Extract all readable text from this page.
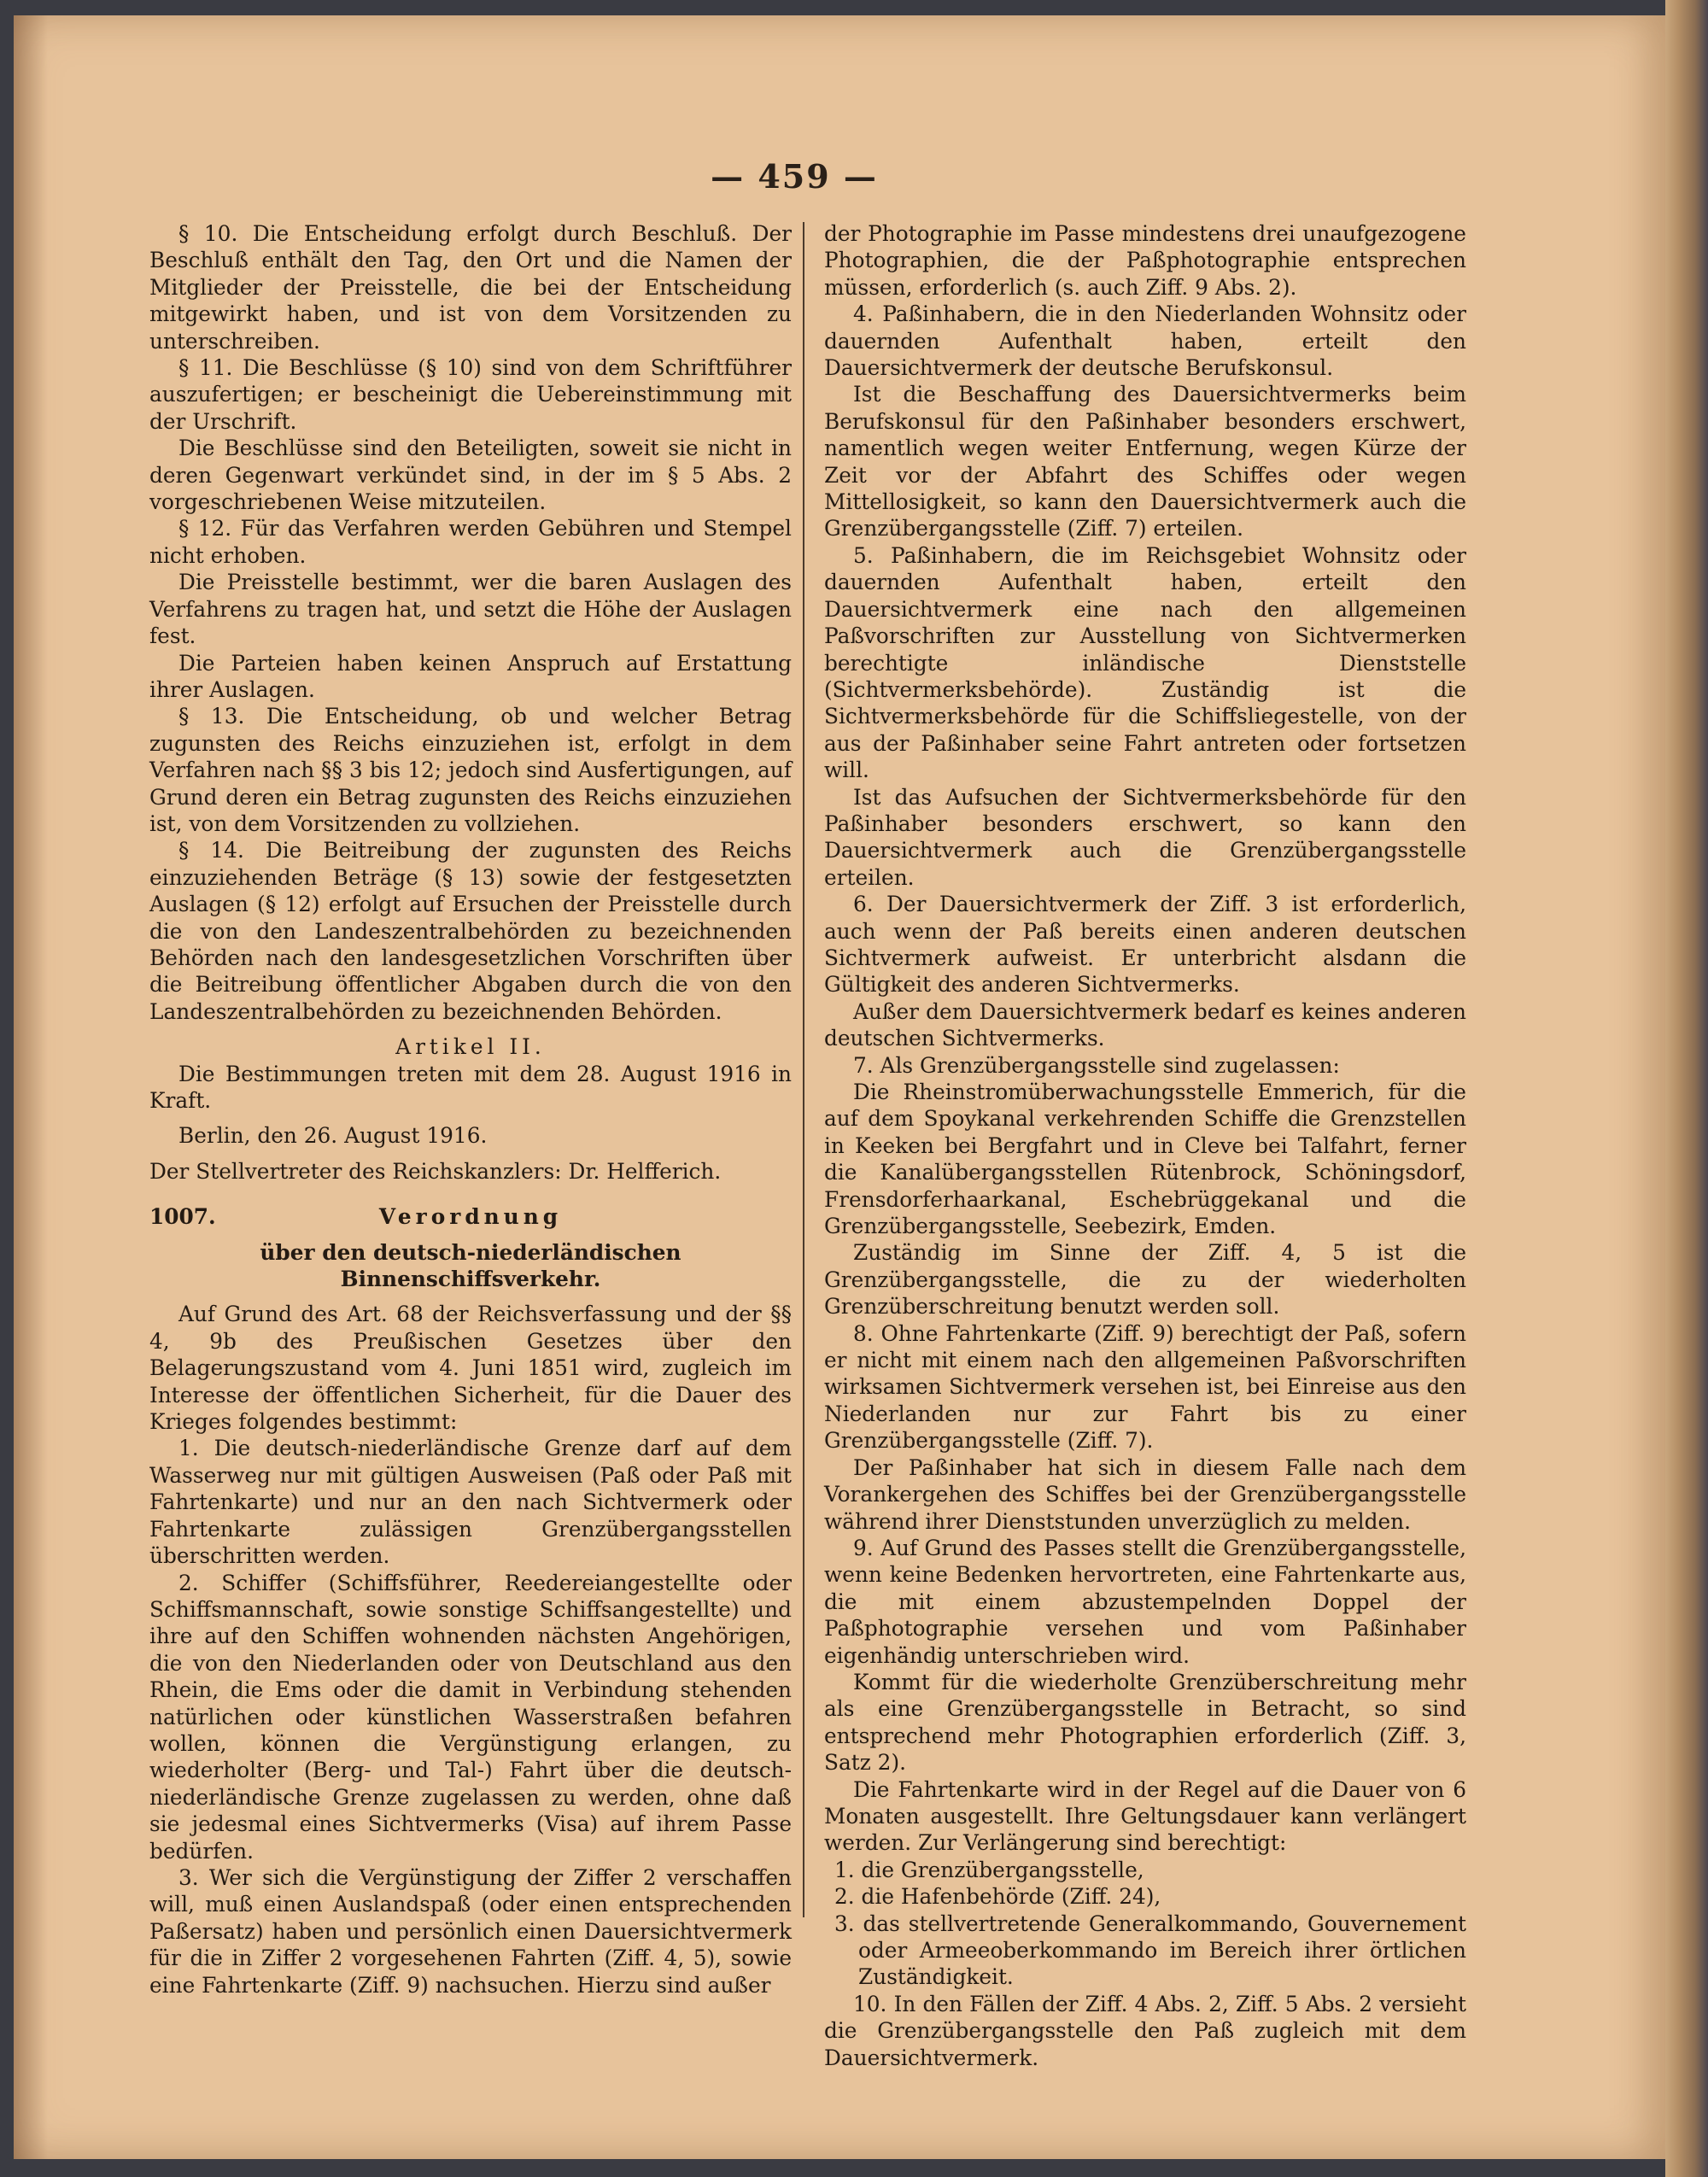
— 459 —

§ 10. Die Entscheidung erfolgt durch Beschluß. Der Beschluß enthält den Tag, den Ort und die Namen der Mitglieder der Preisstelle, die bei der Entscheidung mitgewirkt haben, und ist von dem Vorsitzenden zu unterschreiben.

§ 11. Die Beschlüsse (§ 10) sind von dem Schriftführer auszufertigen; er bescheinigt die Uebereinstimmung mit der Urschrift.

Die Beschlüsse sind den Beteiligten, soweit sie nicht in deren Gegenwart verkündet sind, in der im § 5 Abs. 2 vorgeschriebenen Weise mitzuteilen.

§ 12. Für das Verfahren werden Gebühren und Stempel nicht erhoben.

Die Preisstelle bestimmt, wer die baren Auslagen des Verfahrens zu tragen hat, und setzt die Höhe der Auslagen fest.

Die Parteien haben keinen Anspruch auf Erstattung ihrer Auslagen.

§ 13. Die Entscheidung, ob und welcher Betrag zugunsten des Reichs einzuziehen ist, erfolgt in dem Verfahren nach §§ 3 bis 12; jedoch sind Ausfertigungen, auf Grund deren ein Betrag zugunsten des Reichs einzuziehen ist, von dem Vorsitzenden zu vollziehen.

§ 14. Die Beitreibung der zugunsten des Reichs einzuziehenden Beträge (§ 13) sowie der festgesetzten Auslagen (§ 12) erfolgt auf Ersuchen der Preisstelle durch die von den Landeszentralbehörden zu bezeichnenden Behörden nach den landesgesetzlichen Vorschriften über die Beitreibung öffentlicher Abgaben durch die von den Landeszentralbehörden zu bezeichnenden Behörden.

Artikel II.

Die Bestimmungen treten mit dem 28. August 1916 in Kraft.

Berlin, den 26. August 1916.

Der Stellvertreter des Reichskanzlers: Dr. Helfferich.

1007.	Verordnung

über den deutsch-niederländischen Binnenschiffsverkehr.

Auf Grund des Art. 68 der Reichsverfassung und der §§ 4, 9b des Preußischen Gesetzes über den Belagerungszustand vom 4. Juni 1851 wird, zugleich im Interesse der öffentlichen Sicherheit, für die Dauer des Krieges folgendes bestimmt:

1. Die deutsch-niederländische Grenze darf auf dem Wasserweg nur mit gültigen Ausweisen (Paß oder Paß mit Fahrtenkarte) und nur an den nach Sichtvermerk oder Fahrtenkarte zulässigen Grenzübergangsstellen überschritten werden.

2. Schiffer (Schiffsführer, Reedereiangestellte oder Schiffsmannschaft, sowie sonstige Schiffsangestellte) und ihre auf den Schiffen wohnenden nächsten Angehörigen, die von den Niederlanden oder von Deutschland aus den Rhein, die Ems oder die damit in Verbindung stehenden natürlichen oder künstlichen Wasserstraßen befahren wollen, können die Vergünstigung erlangen, zu wiederholter (Berg- und Tal-) Fahrt über die deutsch-niederländische Grenze zugelassen zu werden, ohne daß sie jedesmal eines Sichtvermerks (Visa) auf ihrem Passe bedürfen.

3. Wer sich die Vergünstigung der Ziffer 2 verschaffen will, muß einen Auslandspaß (oder einen entsprechenden Paßersatz) haben und persönlich einen Dauersichtvermerk für die in Ziffer 2 vorgesehenen Fahrten (Ziff. 4, 5), sowie eine Fahrtenkarte (Ziff. 9) nachsuchen. Hierzu sind außer

der Photographie im Passe mindestens drei unaufgezogene Photographien, die der Paßphotographie entsprechen müssen, erforderlich (s. auch Ziff. 9 Abs. 2).

4. Paßinhabern, die in den Niederlanden Wohnsitz oder dauernden Aufenthalt haben, erteilt den Dauersichtvermerk der deutsche Berufskonsul.

Ist die Beschaffung des Dauersichtvermerks beim Berufskonsul für den Paßinhaber besonders erschwert, namentlich wegen weiter Entfernung, wegen Kürze der Zeit vor der Abfahrt des Schiffes oder wegen Mittellosigkeit, so kann den Dauersichtvermerk auch die Grenzübergangsstelle (Ziff. 7) erteilen.

5. Paßinhabern, die im Reichsgebiet Wohnsitz oder dauernden Aufenthalt haben, erteilt den Dauersichtvermerk eine nach den allgemeinen Paßvorschriften zur Ausstellung von Sichtvermerken berechtigte inländische Dienststelle (Sichtvermerksbehörde). Zuständig ist die Sichtvermerksbehörde für die Schiffsliegestelle, von der aus der Paßinhaber seine Fahrt antreten oder fortsetzen will.

Ist das Aufsuchen der Sichtvermerksbehörde für den Paßinhaber besonders erschwert, so kann den Dauersichtvermerk auch die Grenzübergangsstelle erteilen.

6. Der Dauersichtvermerk der Ziff. 3 ist erforderlich, auch wenn der Paß bereits einen anderen deutschen Sichtvermerk aufweist. Er unterbricht alsdann die Gültigkeit des anderen Sichtvermerks.

Außer dem Dauersichtvermerk bedarf es keines anderen deutschen Sichtvermerks.

7. Als Grenzübergangsstelle sind zugelassen:

Die Rheinstromüberwachungsstelle Emmerich, für die auf dem Spoykanal verkehrenden Schiffe die Grenzstellen in Keeken bei Bergfahrt und in Cleve bei Talfahrt, ferner die Kanalübergangsstellen Rütenbrock, Schöningsdorf, Frensdorferhaarkanal, Eschebrüggekanal und die Grenzübergangsstelle, Seebezirk, Emden.

Zuständig im Sinne der Ziff. 4, 5 ist die Grenzübergangsstelle, die zu der wiederholten Grenzüberschreitung benutzt werden soll.

8. Ohne Fahrtenkarte (Ziff. 9) berechtigt der Paß, sofern er nicht mit einem nach den allgemeinen Paßvorschriften wirksamen Sichtvermerk versehen ist, bei Einreise aus den Niederlanden nur zur Fahrt bis zu einer Grenzübergangsstelle (Ziff. 7).

Der Paßinhaber hat sich in diesem Falle nach dem Vorankergehen des Schiffes bei der Grenzübergangsstelle während ihrer Dienststunden unverzüglich zu melden.

9. Auf Grund des Passes stellt die Grenzübergangsstelle, wenn keine Bedenken hervortreten, eine Fahrtenkarte aus, die mit einem abzustempelnden Doppel der Paßphotographie versehen und vom Paßinhaber eigenhändig unterschrieben wird.

Kommt für die wiederholte Grenzüberschreitung mehr als eine Grenzübergangsstelle in Betracht, so sind entsprechend mehr Photographien erforderlich (Ziff. 3, Satz 2).

Die Fahrtenkarte wird in der Regel auf die Dauer von 6 Monaten ausgestellt. Ihre Geltungsdauer kann verlängert werden. Zur Verlängerung sind berechtigt:

1. die Grenzübergangsstelle,

2. die Hafenbehörde (Ziff. 24),

3. das stellvertretende Generalkommando, Gouvernement oder Armeeoberkommando im Bereich ihrer örtlichen Zuständigkeit.

10. In den Fällen der Ziff. 4 Abs. 2, Ziff. 5 Abs. 2 versieht die Grenzübergangsstelle den Paß zugleich mit dem Dauersichtvermerk.
